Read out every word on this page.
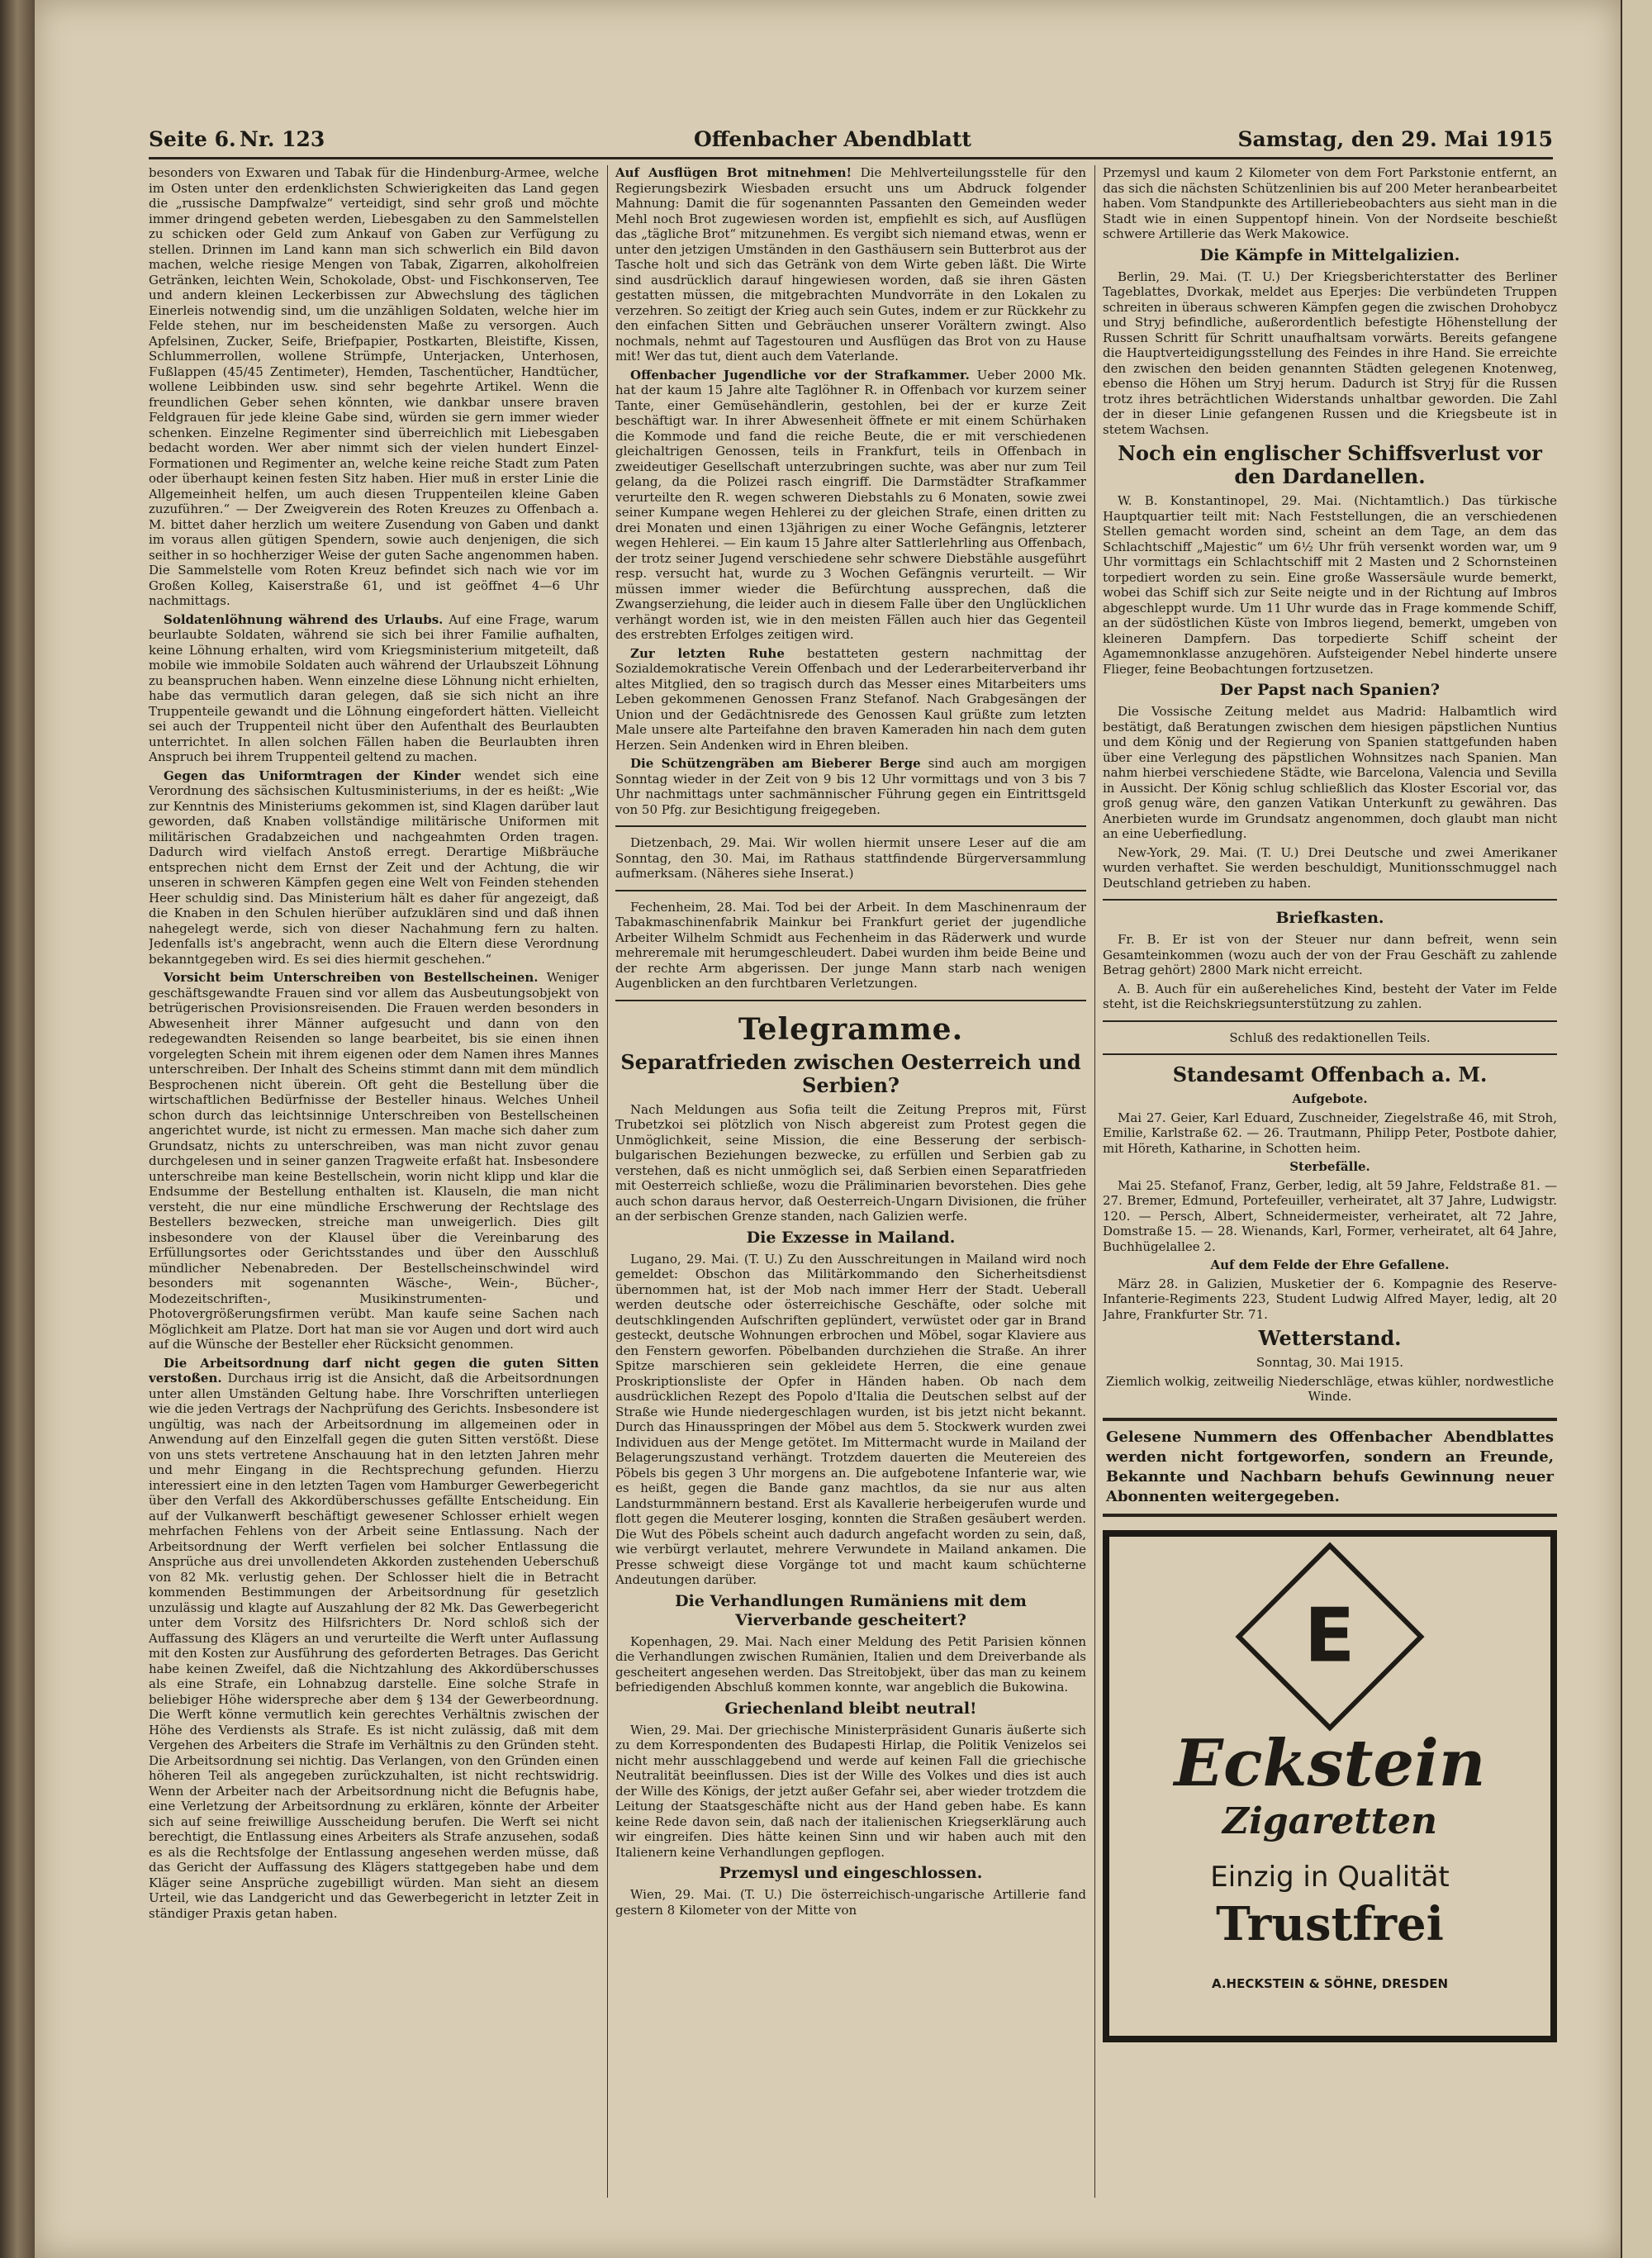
Seite 6. Nr. 123	Offenbacher Abendblatt	Samstag, den 29. Mai 1915

besonders von Exwaren und Tabak für die Hindenburg-Armee, welche im Osten unter den erdenklichsten Schwierigkeiten das Land gegen die „russische Dampfwalze“ verteidigt, sind sehr groß und möchte immer dringend gebeten werden, Liebesgaben zu den Sammelstellen zu schicken oder Geld zum Ankauf von Gaben zur Verfügung zu stellen. Drinnen im Land kann man sich schwerlich ein Bild davon machen, welche riesige Mengen von Tabak, Zigarren, alkoholfreien Getränken, leichten Wein, Schokolade, Obst- und Fischkonserven, Tee und andern kleinen Leckerbissen zur Abwechslung des täglichen Einerleis notwendig sind, um die unzähligen Soldaten, welche hier im Felde stehen, nur im bescheidensten Maße zu versorgen. Auch Apfelsinen, Zucker, Seife, Briefpapier, Postkarten, Bleistifte, Kissen, Schlummerrollen, wollene Strümpfe, Unterjacken, Unterhosen, Fußlappen (45/45 Zentimeter), Hemden, Taschentücher, Handtücher, wollene Leibbinden usw. sind sehr begehrte Artikel. Wenn die freundlichen Geber sehen könnten, wie dankbar unsere braven Feldgrauen für jede kleine Gabe sind, würden sie gern immer wieder schenken. Einzelne Regimenter sind überreichlich mit Liebesgaben bedacht worden. Wer aber nimmt sich der vielen hundert Einzel-Formationen und Regimenter an, welche keine reiche Stadt zum Paten oder überhaupt keinen festen Sitz haben. Hier muß in erster Linie die Allgemeinheit helfen, um auch diesen Truppenteilen kleine Gaben zuzuführen.“ — Der Zweigverein des Roten Kreuzes zu Offenbach a. M. bittet daher herzlich um weitere Zusendung von Gaben und dankt im voraus allen gütigen Spendern, sowie auch denjenigen, die sich seither in so hochherziger Weise der guten Sache angenommen haben. Die Sammelstelle vom Roten Kreuz befindet sich nach wie vor im Großen Kolleg, Kaiserstraße 61, und ist geöffnet 4—6 Uhr nachmittags.

Soldatenlöhnung während des Urlaubs. Auf eine Frage, warum beurlaubte Soldaten, während sie sich bei ihrer Familie aufhalten, keine Löhnung erhalten, wird vom Kriegsministerium mitgeteilt, daß mobile wie immobile Soldaten auch während der Urlaubszeit Löhnung zu beanspruchen haben. Wenn einzelne diese Löhnung nicht erhielten, habe das vermutlich daran gelegen, daß sie sich nicht an ihre Truppenteile gewandt und die Löhnung eingefordert hätten. Vielleicht sei auch der Truppenteil nicht über den Aufenthalt des Beurlaubten unterrichtet. In allen solchen Fällen haben die Beurlaubten ihren Anspruch bei ihrem Truppenteil geltend zu machen.

Gegen das Uniformtragen der Kinder wendet sich eine Verordnung des sächsischen Kultusministeriums, in der es heißt: „Wie zur Kenntnis des Ministeriums gekommen ist, sind Klagen darüber laut geworden, daß Knaben vollständige militärische Uniformen mit militärischen Gradabzeichen und nachgeahmten Orden tragen. Dadurch wird vielfach Anstoß erregt. Derartige Mißbräuche entsprechen nicht dem Ernst der Zeit und der Achtung, die wir unseren in schweren Kämpfen gegen eine Welt von Feinden stehenden Heer schuldig sind. Das Ministerium hält es daher für angezeigt, daß die Knaben in den Schulen hierüber aufzuklären sind und daß ihnen nahegelegt werde, sich von dieser Nachahmung fern zu halten. Jedenfalls ist's angebracht, wenn auch die Eltern diese Verordnung bekanntgegeben wird. Es sei dies hiermit geschehen.“

Vorsicht beim Unterschreiben von Bestellscheinen. Weniger geschäftsgewandte Frauen sind vor allem das Ausbeutungsobjekt von betrügerischen Provisionsreisenden. Die Frauen werden besonders in Abwesenheit ihrer Männer aufgesucht und dann von den redegewandten Reisenden so lange bearbeitet, bis sie einen ihnen vorgelegten Schein mit ihrem eigenen oder dem Namen ihres Mannes unterschreiben. Der Inhalt des Scheins stimmt dann mit dem mündlich Besprochenen nicht überein. Oft geht die Bestellung über die wirtschaftlichen Bedürfnisse der Besteller hinaus. Welches Unheil schon durch das leichtsinnige Unterschreiben von Bestellscheinen angerichtet wurde, ist nicht zu ermessen. Man mache sich daher zum Grundsatz, nichts zu unterschreiben, was man nicht zuvor genau durchgelesen und in seiner ganzen Tragweite erfaßt hat. Insbesondere unterschreibe man keine Bestellschein, worin nicht klipp und klar die Endsumme der Bestellung enthalten ist. Klauseln, die man nicht versteht, die nur eine mündliche Erschwerung der Rechtslage des Bestellers bezwecken, streiche man unweigerlich. Dies gilt insbesondere von der Klausel über die Vereinbarung des Erfüllungsortes oder Gerichtsstandes und über den Ausschluß mündlicher Nebenabreden. Der Bestellscheinschwindel wird besonders mit sogenannten Wäsche-, Wein-, Bücher-, Modezeitschriften-, Musikinstrumenten- und Photovergrößerungsfirmen verübt. Man kaufe seine Sachen nach Möglichkeit am Platze. Dort hat man sie vor Augen und dort wird auch auf die Wünsche der Besteller eher Rücksicht genommen.

Die Arbeitsordnung darf nicht gegen die guten Sitten verstoßen. Durchaus irrig ist die Ansicht, daß die Arbeitsordnungen unter allen Umständen Geltung habe. Ihre Vorschriften unterliegen wie die jeden Vertrags der Nachprüfung des Gerichts. Insbesondere ist ungültig, was nach der Arbeitsordnung im allgemeinen oder in Anwendung auf den Einzelfall gegen die guten Sitten verstößt. Diese von uns stets vertretene Anschauung hat in den letzten Jahren mehr und mehr Eingang in die Rechtsprechung gefunden. Hierzu interessiert eine in den letzten Tagen vom Hamburger Gewerbegericht über den Verfall des Akkordüberschusses gefällte Entscheidung. Ein auf der Vulkanwerft beschäftigt gewesener Schlosser erhielt wegen mehrfachen Fehlens von der Arbeit seine Entlassung. Nach der Arbeitsordnung der Werft verfielen bei solcher Entlassung die Ansprüche aus drei unvollendeten Akkorden zustehenden Ueberschuß von 82 Mk. verlustig gehen. Der Schlosser hielt die in Betracht kommenden Bestimmungen der Arbeitsordnung für gesetzlich unzulässig und klagte auf Auszahlung der 82 Mk. Das Gewerbegericht unter dem Vorsitz des Hilfsrichters Dr. Nord schloß sich der Auffassung des Klägers an und verurteilte die Werft unter Auflassung mit den Kosten zur Ausführung des geforderten Betrages. Das Gericht habe keinen Zweifel, daß die Nichtzahlung des Akkordüberschusses als eine Strafe, ein Lohnabzug darstelle. Eine solche Strafe in beliebiger Höhe widerspreche aber dem § 134 der Gewerbeordnung. Die Werft könne vermutlich kein gerechtes Verhältnis zwischen der Höhe des Verdiensts als Strafe. Es ist nicht zulässig, daß mit dem Vergehen des Arbeiters die Strafe im Verhältnis zu den Gründen steht. Die Arbeitsordnung sei nichtig. Das Verlangen, von den Gründen einen höheren Teil als angegeben zurückzuhalten, ist nicht rechtswidrig. Wenn der Arbeiter nach der Arbeitsordnung nicht die Befugnis habe, eine Verletzung der Arbeitsordnung zu erklären, könnte der Arbeiter sich auf seine freiwillige Ausscheidung berufen. Die Werft sei nicht berechtigt, die Entlassung eines Arbeiters als Strafe anzusehen, sodaß es als die Rechtsfolge der Entlassung angesehen werden müsse, daß das Gericht der Auffassung des Klägers stattgegeben habe und dem Kläger seine Ansprüche zugebilligt würden. Man sieht an diesem Urteil, wie das Landgericht und das Gewerbegericht in letzter Zeit in ständiger Praxis getan haben.

Auf Ausflügen Brot mitnehmen! Die Mehlverteilungsstelle für den Regierungsbezirk Wiesbaden ersucht uns um Abdruck folgender Mahnung: Damit die für sogenannten Passanten den Gemeinden weder Mehl noch Brot zugewiesen worden ist, empfiehlt es sich, auf Ausflügen das „tägliche Brot“ mitzunehmen. Es vergibt sich niemand etwas, wenn er unter den jetzigen Umständen in den Gasthäusern sein Butterbrot aus der Tasche holt und sich das Getränk von dem Wirte geben läßt. Die Wirte sind ausdrücklich darauf hingewiesen worden, daß sie ihren Gästen gestatten müssen, die mitgebrachten Mundvorräte in den Lokalen zu verzehren. So zeitigt der Krieg auch sein Gutes, indem er zur Rückkehr zu den einfachen Sitten und Gebräuchen unserer Vorältern zwingt. Also nochmals, nehmt auf Tagestouren und Ausflügen das Brot von zu Hause mit! Wer das tut, dient auch dem Vaterlande.

Offenbacher Jugendliche vor der Strafkammer. Ueber 2000 Mk. hat der kaum 15 Jahre alte Taglöhner R. in Offenbach vor kurzem seiner Tante, einer Gemüsehändlerin, gestohlen, bei der er kurze Zeit beschäftigt war. In ihrer Abwesenheit öffnete er mit einem Schürhaken die Kommode und fand die reiche Beute, die er mit verschiedenen gleichaltrigen Genossen, teils in Frankfurt, teils in Offenbach in zweideutiger Gesellschaft unterzubringen suchte, was aber nur zum Teil gelang, da die Polizei rasch eingriff. Die Darmstädter Strafkammer verurteilte den R. wegen schweren Diebstahls zu 6 Monaten, sowie zwei seiner Kumpane wegen Hehlerei zu der gleichen Strafe, einen dritten zu drei Monaten und einen 13jährigen zu einer Woche Gefängnis, letzterer wegen Hehlerei. — Ein kaum 15 Jahre alter Sattlerlehrling aus Offenbach, der trotz seiner Jugend verschiedene sehr schwere Diebstähle ausgeführt resp. versucht hat, wurde zu 3 Wochen Gefängnis verurteilt. — Wir müssen immer wieder die Befürchtung aussprechen, daß die Zwangserziehung, die leider auch in diesem Falle über den Unglücklichen verhängt worden ist, wie in den meisten Fällen auch hier das Gegenteil des erstrebten Erfolges zeitigen wird.

Zur letzten Ruhe bestatteten gestern nachmittag der Sozialdemokratische Verein Offenbach und der Lederarbeiterverband ihr altes Mitglied, den so tragisch durch das Messer eines Mitarbeiters ums Leben gekommenen Genossen Franz Stefanof. Nach Grabgesängen der Union und der Gedächtnisrede des Genossen Kaul grüßte zum letzten Male unsere alte Parteifahne den braven Kameraden hin nach dem guten Herzen. Sein Andenken wird in Ehren bleiben.

Die Schützengräben am Bieberer Berge sind auch am morgigen Sonntag wieder in der Zeit von 9 bis 12 Uhr vormittags und von 3 bis 7 Uhr nachmittags unter sachmännischer Führung gegen ein Eintrittsgeld von 50 Pfg. zur Besichtigung freigegeben.

Dietzenbach, 29. Mai. Wir wollen hiermit unsere Leser auf die am Sonntag, den 30. Mai, im Rathaus stattfindende Bürgerversammlung aufmerksam. (Näheres siehe Inserat.)

Fechenheim, 28. Mai. Tod bei der Arbeit. In dem Maschinenraum der Tabakmaschinenfabrik Mainkur bei Frankfurt geriet der jugendliche Arbeiter Wilhelm Schmidt aus Fechenheim in das Räderwerk und wurde mehreremale mit herumgeschleudert. Dabei wurden ihm beide Beine und der rechte Arm abgerissen. Der junge Mann starb nach wenigen Augenblicken an den furchtbaren Verletzungen.

Telegramme.
Separatfrieden zwischen Oesterreich und Serbien?

Nach Meldungen aus Sofia teilt die Zeitung Prepros mit, Fürst Trubetzkoi sei plötzlich von Nisch abgereist zum Protest gegen die Unmöglichkeit, seine Mission, die eine Besserung der serbisch-bulgarischen Beziehungen bezwecke, zu erfüllen und Serbien gab zu verstehen, daß es nicht unmöglich sei, daß Serbien einen Separatfrieden mit Oesterreich schließe, wozu die Präliminarien bevorstehen. Dies gehe auch schon daraus hervor, daß Oesterreich-Ungarn Divisionen, die früher an der serbischen Grenze standen, nach Galizien werfe.

Die Exzesse in Mailand.

Lugano, 29. Mai. (T. U.) Zu den Ausschreitungen in Mailand wird noch gemeldet: Obschon das Militärkommando den Sicherheitsdienst übernommen hat, ist der Mob nach immer Herr der Stadt. Ueberall werden deutsche oder österreichische Geschäfte, oder solche mit deutschklingenden Aufschriften geplündert, verwüstet oder gar in Brand gesteckt, deutsche Wohnungen erbrochen und Möbel, sogar Klaviere aus den Fenstern geworfen. Pöbelbanden durchziehen die Straße. An ihrer Spitze marschieren sein gekleidete Herren, die eine genaue Proskriptionsliste der Opfer in Händen haben. Ob nach dem ausdrücklichen Rezept des Popolo d'Italia die Deutschen selbst auf der Straße wie Hunde niedergeschlagen wurden, ist bis jetzt nicht bekannt. Durch das Hinausspringen der Möbel aus dem 5. Stockwerk wurden zwei Individuen aus der Menge getötet. Im Mittermacht wurde in Mailand der Belagerungszustand verhängt. Trotzdem dauerten die Meutereien des Pöbels bis gegen 3 Uhr morgens an. Die aufgebotene Infanterie war, wie es heißt, gegen die Bande ganz machtlos, da sie nur aus alten Landsturmmännern bestand. Erst als Kavallerie herbeigerufen wurde und flott gegen die Meuterer losging, konnten die Straßen gesäubert werden. Die Wut des Pöbels scheint auch dadurch angefacht worden zu sein, daß, wie verbürgt verlautet, mehrere Verwundete in Mailand ankamen. Die Presse schweigt diese Vorgänge tot und macht kaum schüchterne Andeutungen darüber.

Die Verhandlungen Rumäniens mit dem Vierverbande gescheitert?

Kopenhagen, 29. Mai. Nach einer Meldung des Petit Parisien können die Verhandlungen zwischen Rumänien, Italien und dem Dreiverbande als gescheitert angesehen werden. Das Streitobjekt, über das man zu keinem befriedigenden Abschluß kommen konnte, war angeblich die Bukowina.

Griechenland bleibt neutral!

Wien, 29. Mai. Der griechische Ministerpräsident Gunaris äußerte sich zu dem Korrespondenten des Budapesti Hirlap, die Politik Venizelos sei nicht mehr ausschlaggebend und werde auf keinen Fall die griechische Neutralität beeinflussen. Dies ist der Wille des Volkes und dies ist auch der Wille des Königs, der jetzt außer Gefahr sei, aber wieder trotzdem die Leitung der Staatsgeschäfte nicht aus der Hand geben habe. Es kann keine Rede davon sein, daß nach der italienischen Kriegserklärung auch wir eingreifen. Dies hätte keinen Sinn und wir haben auch mit den Italienern keine Verhandlungen gepflogen.

Przemysl und eingeschlossen.

Wien, 29. Mai. (T. U.) Die österreichisch-ungarische Artillerie fand gestern 8 Kilometer von der Mitte von

Przemysl und kaum 2 Kilometer von dem Fort Parkstonie entfernt, an das sich die nächsten Schützenlinien bis auf 200 Meter heranbearbeitet haben. Vom Standpunkte des Artilleriebeobachters aus sieht man in die Stadt wie in einen Suppentopf hinein. Von der Nordseite beschießt schwere Artillerie das Werk Makowice.

Die Kämpfe in Mittelgalizien.

Berlin, 29. Mai. (T. U.) Der Kriegsberichterstatter des Berliner Tageblattes, Dvorkak, meldet aus Eperjes: Die verbündeten Truppen schreiten in überaus schweren Kämpfen gegen die zwischen Drohobycz und Stryj befindliche, außerordentlich befestigte Höhenstellung der Russen Schritt für Schritt unaufhaltsam vorwärts. Bereits gefangene die Hauptverteidigungsstellung des Feindes in ihre Hand. Sie erreichte den zwischen den beiden genannten Städten gelegenen Knotenweg, ebenso die Höhen um Stryj herum. Dadurch ist Stryj für die Russen trotz ihres beträchtlichen Widerstands unhaltbar geworden. Die Zahl der in dieser Linie gefangenen Russen und die Kriegsbeute ist in stetem Wachsen.

Noch ein englischer Schiffsverlust vor den Dardanellen.

W. B. Konstantinopel, 29. Mai. (Nichtamtlich.) Das türkische Hauptquartier teilt mit: Nach Feststellungen, die an verschiedenen Stellen gemacht worden sind, scheint an dem Tage, an dem das Schlachtschiff „Majestic“ um 6½ Uhr früh versenkt worden war, um 9 Uhr vormittags ein Schlachtschiff mit 2 Masten und 2 Schornsteinen torpediert worden zu sein. Eine große Wassersäule wurde bemerkt, wobei das Schiff sich zur Seite neigte und in der Richtung auf Imbros abgeschleppt wurde. Um 11 Uhr wurde das in Frage kommende Schiff, an der südöstlichen Küste von Imbros liegend, bemerkt, umgeben von kleineren Dampfern. Das torpedierte Schiff scheint der Agamemnonklasse anzugehören. Aufsteigender Nebel hinderte unsere Flieger, feine Beobachtungen fortzusetzen.

Der Papst nach Spanien?

Die Vossische Zeitung meldet aus Madrid: Halbamtlich wird bestätigt, daß Beratungen zwischen dem hiesigen päpstlichen Nuntius und dem König und der Regierung von Spanien stattgefunden haben über eine Verlegung des päpstlichen Wohnsitzes nach Spanien. Man nahm hierbei verschiedene Städte, wie Barcelona, Valencia und Sevilla in Aussicht. Der König schlug schließlich das Kloster Escorial vor, das groß genug wäre, den ganzen Vatikan Unterkunft zu gewähren. Das Anerbieten wurde im Grundsatz angenommen, doch glaubt man nicht an eine Ueberfiedlung.

New-York, 29. Mai. (T. U.) Drei Deutsche und zwei Amerikaner wurden verhaftet. Sie werden beschuldigt, Munitionsschmuggel nach Deutschland getrieben zu haben.

Briefkasten.

Fr. B. Er ist von der Steuer nur dann befreit, wenn sein Gesamteinkommen (wozu auch der von der Frau Geschäft zu zahlende Betrag gehört) 2800 Mark nicht erreicht.

A. B. Auch für ein außereheliches Kind, besteht der Vater im Felde steht, ist die Reichskriegsunterstützung zu zahlen.

Schluß des redaktionellen Teils.

Standesamt Offenbach a. M.

Aufgebote.

Mai 27. Geier, Karl Eduard, Zuschneider, Ziegelstraße 46, mit Stroh, Emilie, Karlstraße 62. — 26. Trautmann, Philipp Peter, Postbote dahier, mit Höreth, Katharine, in Schotten heim.

Sterbefälle.

Mai 25. Stefanof, Franz, Gerber, ledig, alt 59 Jahre, Feldstraße 81. — 27. Bremer, Edmund, Portefeuiller, verheiratet, alt 37 Jahre, Ludwigstr. 120. — Persch, Albert, Schneidermeister, verheiratet, alt 72 Jahre, Domstraße 15. — 28. Wienands, Karl, Former, verheiratet, alt 64 Jahre, Buchhügelallee 2.

Auf dem Felde der Ehre Gefallene.

März 28. in Galizien, Musketier der 6. Kompagnie des Reserve-Infanterie-Regiments 223, Student Ludwig Alfred Mayer, ledig, alt 20 Jahre, Frankfurter Str. 71.

Wetterstand.

Sonntag, 30. Mai 1915.

Ziemlich wolkig, zeitweilig Niederschläge, etwas kühler, nordwestliche Winde.

Gelesene Nummern des Offenbacher Abendblattes werden nicht fortgeworfen, sondern an Freunde, Bekannte und Nachbarn behufs Gewinnung neuer Abonnenten weitergegeben.
E
Eckstein
Zigaretten
Einzig in Qualität
Trustfrei
A.HECKSTEIN & SÖHNE, DRESDEN
